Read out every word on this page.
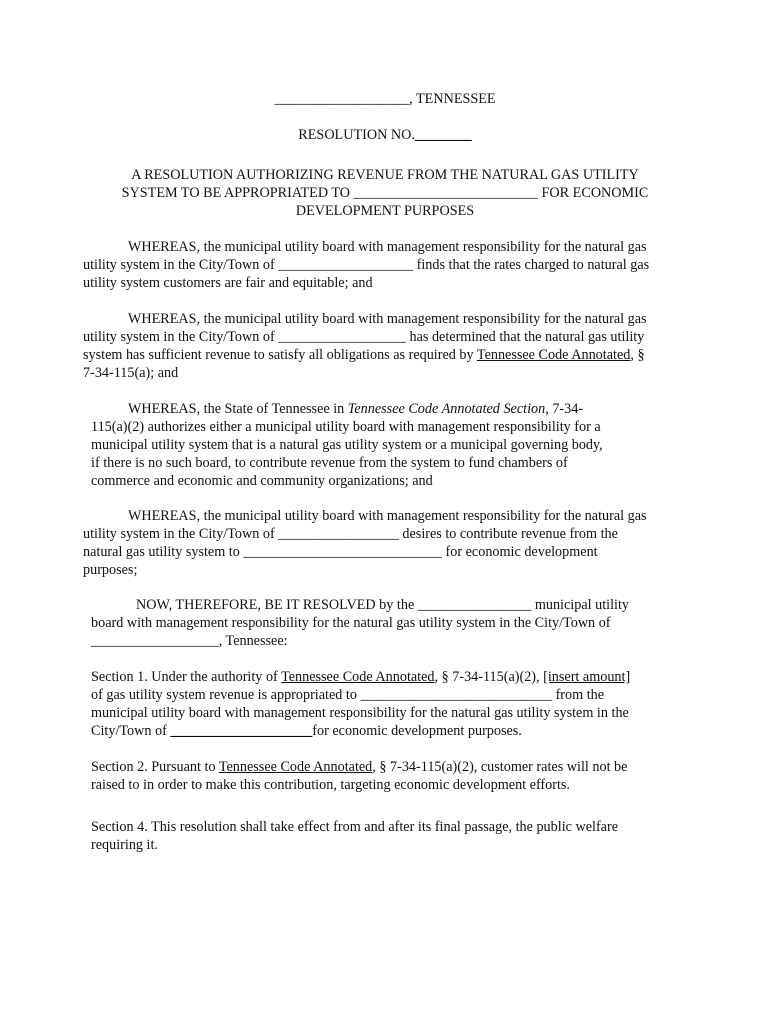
___________________, TENNESSEE
RESOLUTION NO.________
A RESOLUTION AUTHORIZING REVENUE FROM THE NATURAL GAS UTILITY
SYSTEM TO BE APPROPRIATED TO __________________________ FOR ECONOMIC
DEVELOPMENT PURPOSES
WHEREAS, the municipal utility board with management responsibility for the natural gas
utility system in the City/Town of ___________________ finds that the rates charged to natural gas
utility system customers are fair and equitable; and
WHEREAS, the municipal utility board with management responsibility for the natural gas
utility system in the City/Town of __________________ has determined that the natural gas utility
system has sufficient revenue to satisfy all obligations as required by Tennessee Code Annotated, §
7-34-115(a); and
WHEREAS, the State of Tennessee in Tennessee Code Annotated Section, 7-34-
115(a)(2) authorizes either a municipal utility board with management responsibility for a
municipal utility system that is a natural gas utility system or a municipal governing body,
if there is no such board, to contribute revenue from the system to fund chambers of
commerce and economic and community organizations; and
WHEREAS, the municipal utility board with management responsibility for the natural gas
utility system in the City/Town of _________________ desires to contribute revenue from the
natural gas utility system to ____________________________ for economic development
purposes;
NOW, THEREFORE, BE IT RESOLVED by the ________________ municipal utility
board with management responsibility for the natural gas utility system in the City/Town of
__________________, Tennessee:
Section 1. Under the authority of Tennessee Code Annotated, § 7-34-115(a)(2), [insert amount]
of gas utility system revenue is appropriated to ___________________________ from the
municipal utility board with management responsibility for the natural gas utility system in the
City/Town of ____________________for economic development purposes.
Section 2. Pursuant to Tennessee Code Annotated, § 7-34-115(a)(2), customer rates will not be
raised to in order to make this contribution, targeting economic development efforts.
Section 4. This resolution shall take effect from and after its final passage, the public welfare
requiring it.
